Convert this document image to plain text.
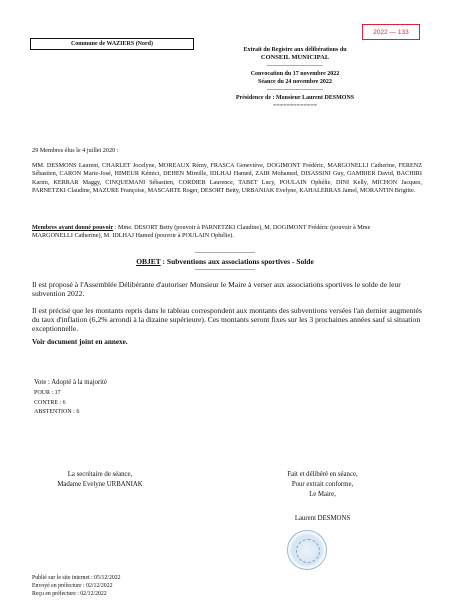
2022 — 133
Commune de WAZIERS (Nord)
Extrait du Registre aux délibérations du
CONSEIL MUNICIPAL
----------------------------
Convocation du 17 novembre 2022
Séance du 24 novembre 2022
----------------------------
Présidence de : Monsieur Laurent DESMONS
=============
29 Membres élus le 4 juillet 2020 :
MM. DESMONS Laurent, CHARLET Jocelyne, MOREAUX Rémy, FRASCA Geneviève, DOGIMONT Frédéric, MARGONELLI Catherine, FERENZ Sébastien, CARON Marie-José, HIMEUR Kémici, DEHEN Mireille, IDLHAJ Hamed, ZAIR Mohamed, DISASSINI Guy, GAMBIER David, BACHIRI Karim, KERRAR Maggy, CINQUEMANI Sébastien, CORDIER Laurence, TABET Lucy, POULAIN Ophélie, DINI Kelly, MICHON Jacques, PARNETZKI Claudine, MAZURE Françoise, MASCARTE Roger, DESORT Betty, URBANIAK Evelyne, KAHALERRAS Jamel, MORANTIN Brigitte.
Membres ayant donné pouvoir : Mme. DESORT Betty (pouvoir à PARNETZKI Claudine), M. DOGIMONT Frédéric (pouvoir à Mme MARGONELLI Catherine), M. IDLHAJ Hamed (pouvoir à POULAIN Ophélie).
------------------------------
OBJET : Subventions aux associations sportives - Solde
------------------------------
Il est proposé à l'Assemblée Délibérante d'autoriser Monsieur le Maire à verser aux associations sportives le solde de leur subvention 2022.
Il est précisé que les montants repris dans le tableau correspondent aux montants des subventions versées l'an dernier augmentés du taux d'inflation (6,2% arrondi à la dizaine supérieure). Ces montants seront fixes sur les 3 prochaines années sauf si situation exceptionnelle.
Voir document joint en annexe.
Vote : Adopté à la majorité
POUR : 17
CONTRE : 6
ABSTENTION : 6
La secrétaire de séance,
Madame Evelyne URBANIAK
Fait et délibéré en séance,
Pour extrait conforme,
Le Maire,
Laurent DESMONS
Publié sur le site internet : 05/12/2022
Envoyé en préfecture : 02/12/2022
Reçu en préfecture : 02/12/2022
